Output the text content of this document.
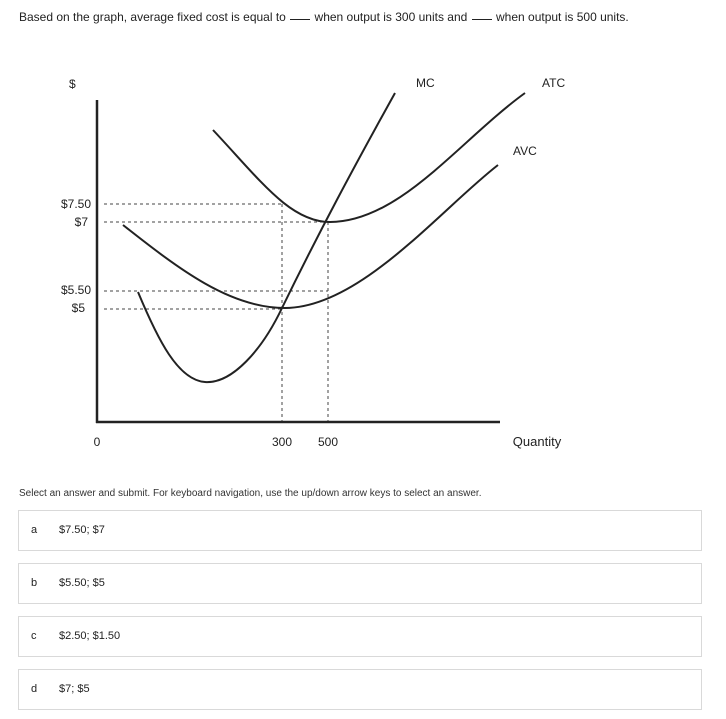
Based on the graph, average fixed cost is equal to when output is 300 units and when output is 500 units.
$	MC	ATC
AVC
$7.50
$7
$5.50
$5
0	300 500	Quantity
Select an answer and submit. For keyboard navigation, use the up/down arrow keys to select an answer.
a $7.50; $7
b $5.50; $5
c $2.50; $1.50
d $7; $5
